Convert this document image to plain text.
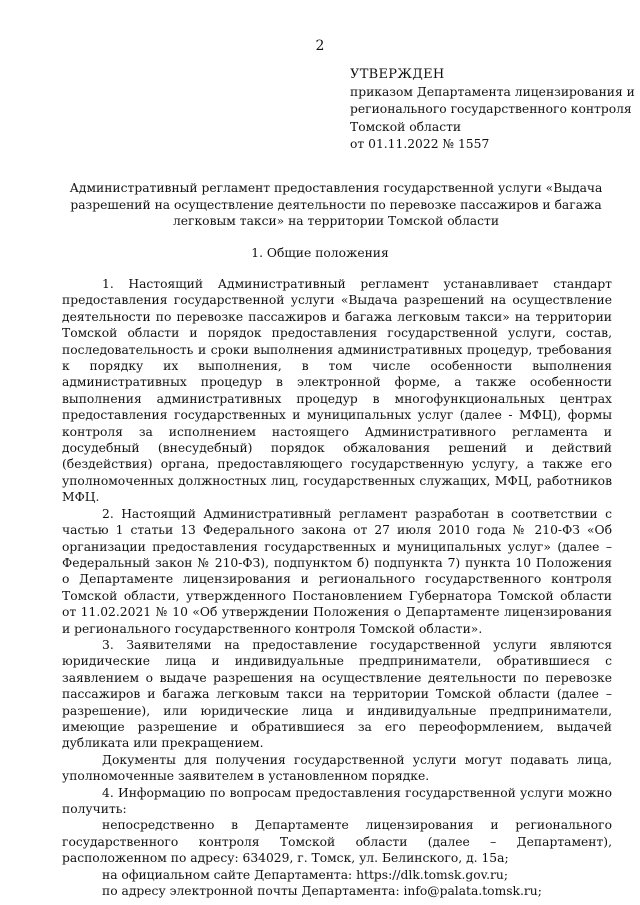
2
УТВЕРЖДЕН
приказом Департамента лицензирования и
регионального государственного контроля
Томской области
от 01.11.2022 № 1557
Административный регламент предоставления государственной услуги «Выдача разрешений на осуществление деятельности по перевозке пассажиров и багажа легковым такси» на территории Томской области
1. Общие положения

1. Настоящий Административный регламент устанавливает стандарт предоставления государственной услуги «Выдача разрешений на осуществление деятельности по перевозке пассажиров и багажа легковым такси» на территории Томской области и порядок предоставления государственной услуги, состав, последовательность и сроки выполнения административных процедур, требования к порядку их выполнения, в том числе особенности выполнения административных процедур в электронной форме, а также особенности выполнения административных процедур в многофункциональных центрах предоставления государственных и муниципальных услуг (далее - МФЦ), формы контроля за исполнением настоящего Административного регламента и досудебный (внесудебный) порядок обжалования решений и действий (бездействия) органа, предоставляющего государственную услугу, а также его уполномоченных должностных лиц, государственных служащих, МФЦ, работников МФЦ.

2. Настоящий Административный регламент разработан в соответствии с частью 1 статьи 13 Федерального закона от 27 июля 2010 года № 210-ФЗ «Об организации предоставления государственных и муниципальных услуг» (далее – Федеральный закон № 210-ФЗ), подпунктом б) подпункта 7) пункта 10 Положения о Департаменте лицензирования и регионального государственного контроля Томской области, утвержденного Постановлением Губернатора Томской области от 11.02.2021 № 10 «Об утверждении Положения о Департаменте лицензирования и регионального государственного контроля Томской области».

3. Заявителями на предоставление государственной услуги являются юридические лица и индивидуальные предприниматели, обратившиеся с заявлением о выдаче разрешения на осуществление деятельности по перевозке пассажиров и багажа легковым такси на территории Томской области (далее – разрешение), или юридические лица и индивидуальные предприниматели, имеющие разрешение и обратившиеся за его переоформлением, выдачей дубликата или прекращением.

Документы для получения государственной услуги могут подавать лица, уполномоченные заявителем в установленном порядке.

4. Информацию по вопросам предоставления государственной услуги можно получить:

непосредственно в Департаменте лицензирования и регионального государственного контроля Томской области (далее – Департамент), расположенном по адресу: 634029, г. Томск, ул. Белинского, д. 15а;

на официальном сайте Департамента: https://dlk.tomsk.gov.ru;

по адресу электронной почты Департамента: info@palata.tomsk.ru;
